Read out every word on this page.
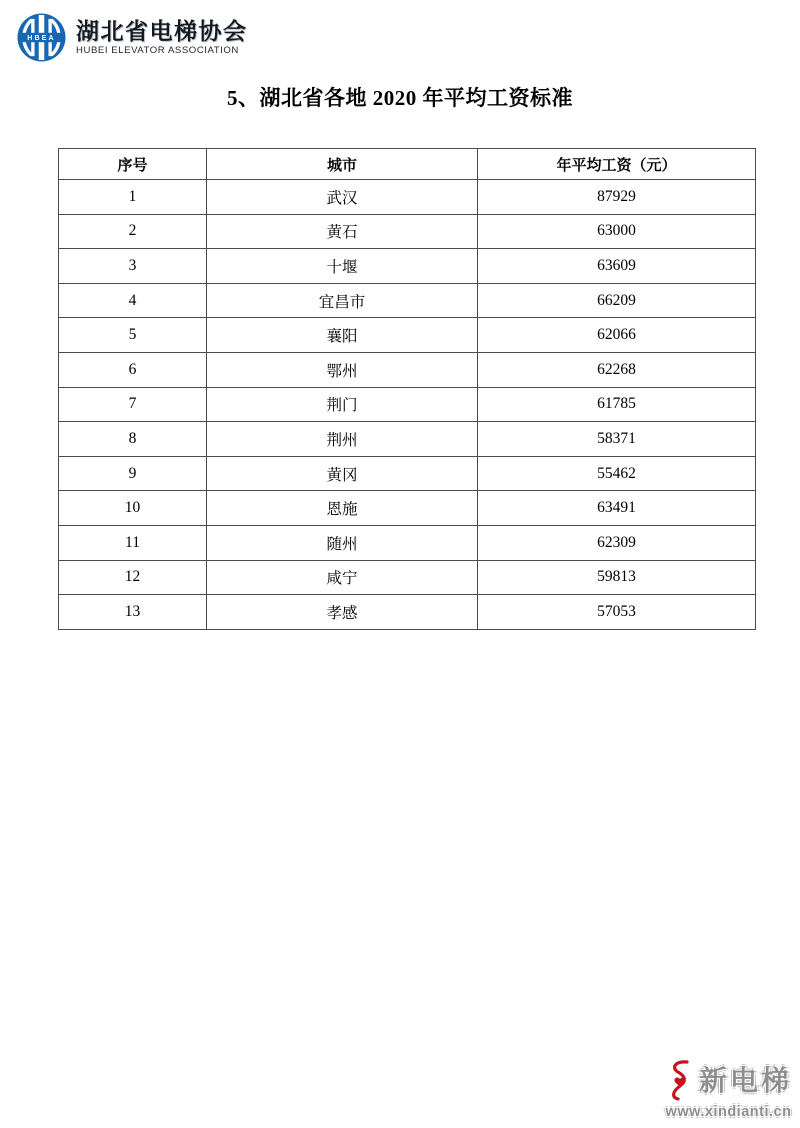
HBEA 湖北省电梯协会
HUBEI ELEVATOR ASSOCIATION
5、湖北省各地 2020 年平均工资标准
序号	城市	年平均工资（元）
1	武汉	87929
2	黄石	63000
3	十堰	63609
4	宜昌市	66209
5	襄阳	62066
6	鄂州	62268
7	荆门	61785
8	荆州	58371
9	黄冈	55462
10	恩施	63491
11	随州	62309
12	咸宁	59813
13	孝感	57053
新电梯
www.xindianti.cn
